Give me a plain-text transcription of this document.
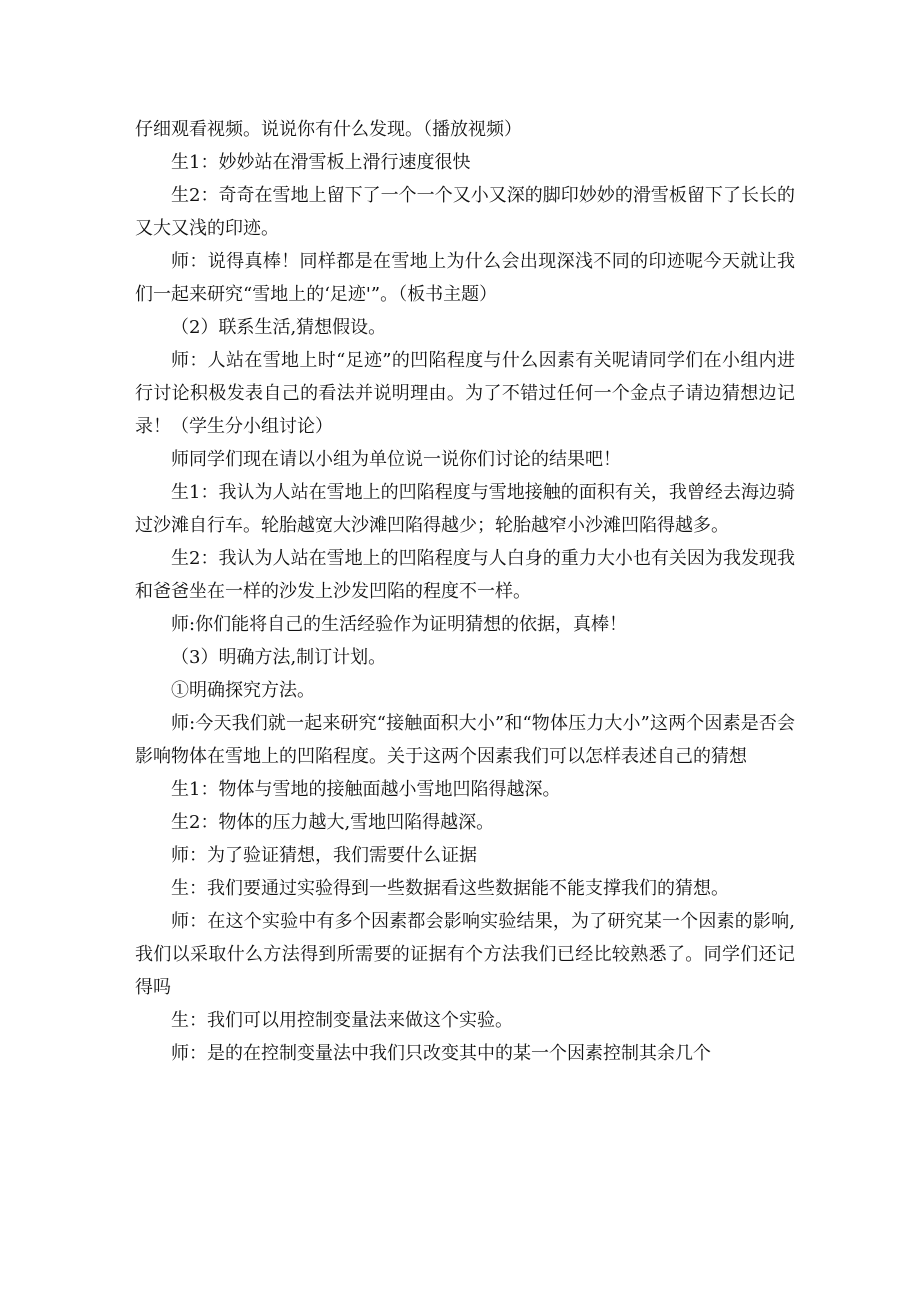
仔细观看视频。说说你有什么发现。（播放视频）

生1：妙妙站在滑雪板上滑行速度很快

生2：奇奇在雪地上留下了一个一个又小又深的脚印妙妙的滑雪板留下了长长的又大又浅的印迹。

师：说得真棒！同样都是在雪地上为什么会出现深浅不同的印迹呢今天就让我们一起来研究“雪地上的‘足迹'”。（板书主题）

（2）联系生活,猜想假设。

师：人站在雪地上时“足迹”的凹陷程度与什么因素有关呢请同学们在小组内进行讨论积极发表自己的看法并说明理由。为了不错过任何一个金点子请边猜想边记录！（学生分小组讨论）

师同学们现在请以小组为单位说一说你们讨论的结果吧！

生1：我认为人站在雪地上的凹陷程度与雪地接触的面积有关，我曾经去海边骑过沙滩自行车。轮胎越宽大沙滩凹陷得越少；轮胎越窄小沙滩凹陷得越多。

生2：我认为人站在雪地上的凹陷程度与人白身的重力大小也有关因为我发现我和爸爸坐在一样的沙发上沙发凹陷的程度不一样。

师:你们能将自己的生活经验作为证明猜想的依据，真棒！

（3）明确方法,制订计划。

①明确探究方法。

师:今天我们就一起来研究“接触面积大小”和“物体压力大小”这两个因素是否会影响物体在雪地上的凹陷程度。关于这两个因素我们可以怎样表述自己的猜想

生1：物体与雪地的接触面越小雪地凹陷得越深。

生2：物体的压力越大,雪地凹陷得越深。

师：为了验证猜想，我们需要什么证据

生：我们要通过实验得到一些数据看这些数据能不能支撑我们的猜想。

师：在这个实验中有多个因素都会影响实验结果，为了研究某一个因素的影响,我们以采取什么方法得到所需要的证据有个方法我们已经比较熟悉了。同学们还记得吗

生：我们可以用控制变量法来做这个实验。

师：是的在控制变量法中我们只改变其中的某一个因素控制其余几个
